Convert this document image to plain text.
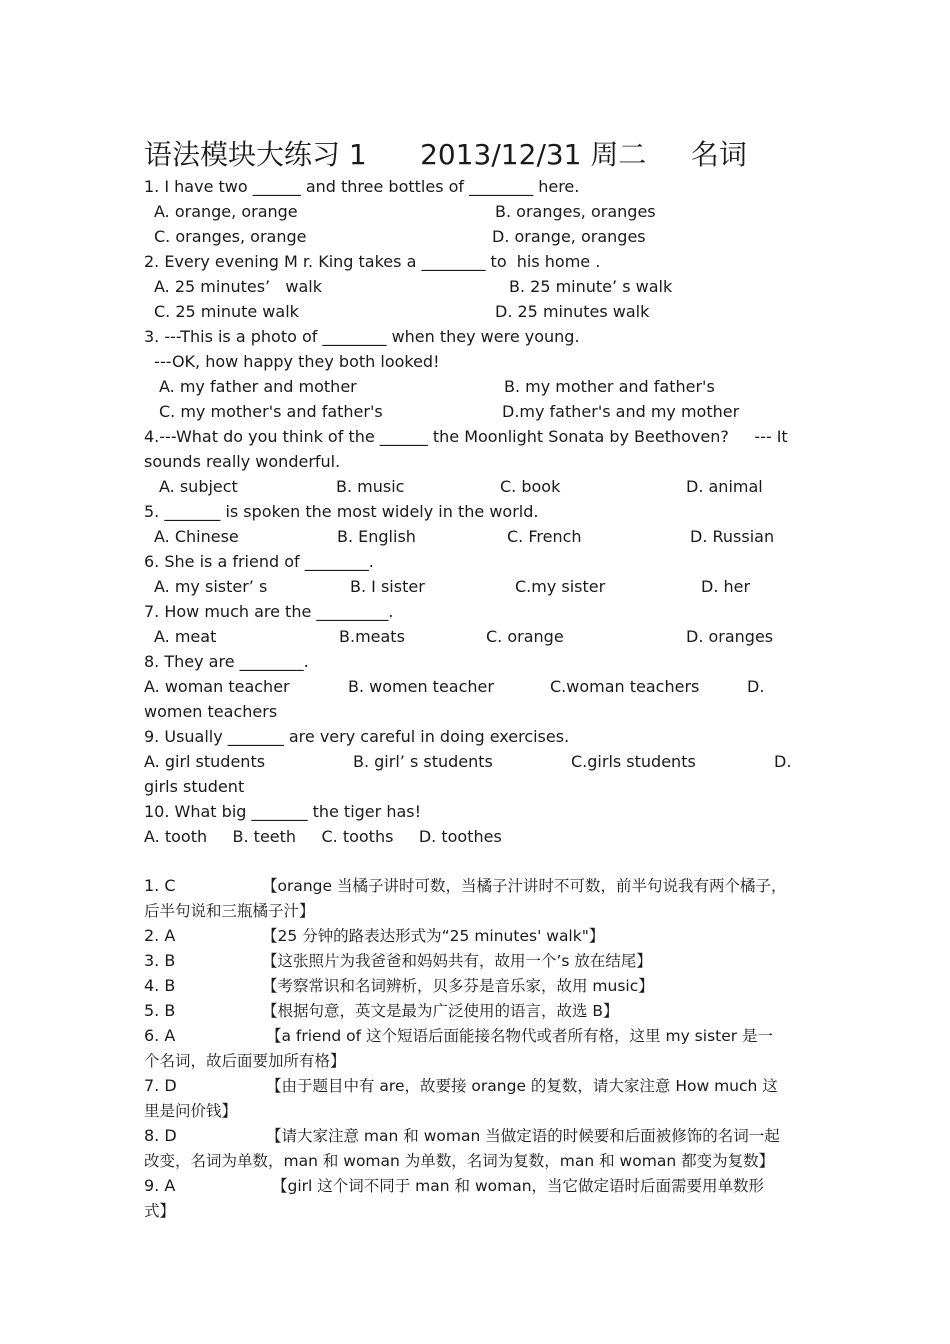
语法模块大练习 1      2013/12/31 周二     名词
1. I have two ______ and three bottles of ________ here.
A. orange, orange	B. oranges, oranges
C. oranges, orange	D. orange, oranges
2. Every evening M r. King takes a ________ to  his home .
A. 25 minutes’   walk	B. 25 minute’ s walk
C. 25 minute walk	D. 25 minutes walk
3. ---This is a photo of ________ when they were young.
---OK, how happy they both looked!
A. my father and mother	B. my mother and father's
C. my mother's and father's	D.my father's and my mother
4.---What do you think of the ______ the Moonlight Sonata by Beethoven?     --- It
sounds really wonderful.
A. subject	B. music	C. book	D. animal
5. _______ is spoken the most widely in the world.
A. Chinese	B. English	C. French	D. Russian
6. She is a friend of ________.
A. my sister’ s	B. I sister	C.my sister	D. her
7. How much are the _________.
A. meat	B.meats	C. orange	D. oranges
8. They are ________.
A. woman teacher	B. women teacher	C.woman teachers	D.
women teachers
9. Usually _______ are very careful in doing exercises.
A. girl students	B. girl’ s students	C.girls students	D.
girls student
10. What big _______ the tiger has!
A. tooth     B. teeth     C. tooths     D. toothes
1. C	【orange 当橘子讲时可数，当橘子汁讲时不可数，前半句说我有两个橘子，
后半句说和三瓶橘子汁】
2. A	【25 分钟的路表达形式为“25 minutes' walk"】
3. B	【这张照片为我爸爸和妈妈共有，故用一个’s 放在结尾】
4. B	【考察常识和名词辨析，贝多芬是音乐家，故用 music】
5. B	【根据句意，英文是最为广泛使用的语言，故选 B】
6. A	【a friend of 这个短语后面能接名物代或者所有格，这里 my sister 是一
个名词，故后面要加所有格】
7. D	【由于题目中有 are，故要接 orange 的复数，请大家注意 How much 这
里是问价钱】
8. D	【请大家注意 man 和 woman 当做定语的时候要和后面被修饰的名词一起
改变，名词为单数，man 和 woman 为单数，名词为复数，man 和 woman 都变为复数】
9. A	【girl 这个词不同于 man 和 woman，当它做定语时后面需要用单数形
式】
